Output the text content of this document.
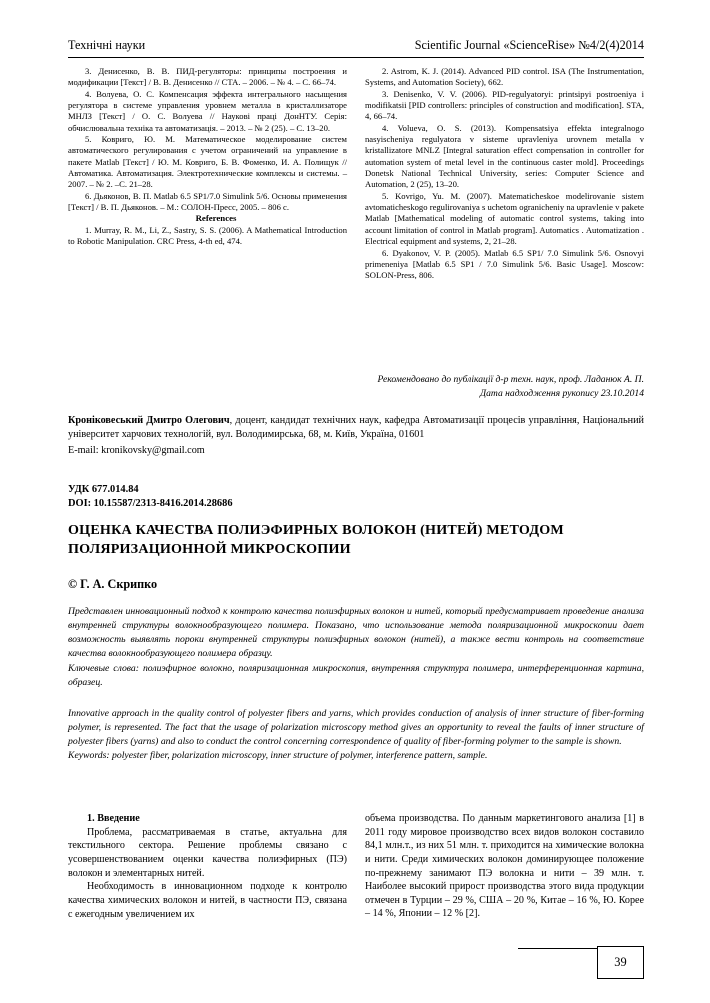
Технічні науки	Scientific Journal «ScienceRise» №4/2(4)2014

3. Денисенко, В. В. ПИД-регуляторы: принципы построения и модификации [Текст] / В. В. Денисенко // СТА. – 2006. – № 4. – С. 66–74.

4. Волуева, О. С. Компенсация эффекта интегрального насыщения регулятора в системе управления уровнем металла в кристаллизаторе МНЛЗ [Текст] / О. С. Волуева // Наукові праці ДонНТУ. Серія: обчислювальна техніка та автоматизація. – 2013. – № 2 (25). – С. 13–20.

5. Ковриго, Ю. М. Математическое моделирование систем автоматического регулирования с учетом ограничений на управление в пакете Matlab [Текст] / Ю. М. Ковриго, Б. В. Фоменко, И. А. Полищук // Автоматика. Автоматизация. Электротехнические комплексы и системы. – 2007. – № 2. –С. 21–28.

6. Дьяконов, В. П. Matlab 6.5 SP1/7.0 Simulink 5/6. Основы применения [Текст] / В. П. Дьяконов. – М.: СОЛОН-Пресс, 2005. – 806 с.

References

1. Murray, R. M., Li, Z., Sastry, S. S. (2006). A Mathematical Introduction to Robotic Manipulation. CRC Press, 4-th ed, 474.

2. Astrom, K. J. (2014). Advanced PID control. ISA (The Instrumentation, Systems, and Automation Society), 662.

3. Denisenko, V. V. (2006). PID-regulyatoryi: printsipyi postroeniya i modifikatsii [PID controllers: principles of construction and modification]. STA, 4, 66–74.

4. Volueva, O. S. (2013). Kompensatsiya effekta integralnogo nasyischeniya regulyatora v sisteme upravleniya urovnem metalla v kristallizatore MNLZ [Integral saturation effect compensation in controller for automation system of metal level in the continuous caster mold]. Proceedings Donetsk National Technical University, series: Computer Science and Automation, 2 (25), 13–20.

5. Kovrigo, Yu. M. (2007). Matematicheskoe modelirovanie sistem avtomaticheskogo regulirovaniya s uchetom ogranicheniy na upravlenie v pakete Matlab [Mathematical modeling of automatic control systems, taking into account limitation of control in Matlab program]. Automatics . Automatization . Electrical equipment and systems, 2, 21–28.

6. Dyakonov, V. P. (2005). Matlab 6.5 SP1/ 7.0 Simulink 5/6. Osnovyi primeneniya [Matlab 6.5 SP1 / 7.0 Simulink 5/6. Basic Usage]. Moscow: SOLON-Press, 806.

Рекомендовано до публікації д-р техн. наук, проф. Ладанюк А. П.
Дата надходження рукопису 23.10.2014
Кроніковеський Дмитро Олегович, доцент, кандидат технічних наук, кафедра Автоматизації процесів управління, Національний університет харчових технологій, вул. Володимирська, 68, м. Київ, Україна, 01601
E-mail: kronikovsky@gmail.com
УДК 677.014.84
DOI: 10.15587/2313-8416.2014.28686
ОЦЕНКА КАЧЕСТВА ПОЛИЭФИРНЫХ ВОЛОКОН (НИТЕЙ) МЕТОДОМ
ПОЛЯРИЗАЦИОННОЙ МИКРОСКОПИИ
© Г. А. Скрипко

Представлен инновационный подход к контролю качества полиэфирных волокон и нитей, который предусматривает проведение анализа внутренней структуры волокнообразующего полимера. Показано, что использование метода поляризационной микроскопии дает возможность выявлять пороки внутренней структуры полиэфирных волокон (нитей), а также вести контроль на соответствие качества волокнообразующего полимера образцу.

Ключевые слова: полиэфирное волокно, поляризационная микроскопия, внутренняя структура полимера, интерференционная картина, образец.

Innovative approach in the quality control of polyester fibers and yarns, which provides conduction of analysis of inner structure of fiber-forming polymer, is represented. The fact that the usage of polarization microscopy method gives an opportunity to reveal the faults of inner structure of polyester fibers (yarns) and also to conduct the control concerning correspondence of quality of fiber-forming polymer to the sample is shown.

Keywords: polyester fiber, polarization microscopy, inner structure of polymer, interference pattern, sample.

1. Введение

Проблема, рассматриваемая в статье, актуальна для текстильного сектора. Решение проблемы связано с усовершенствованием оценки качества полиэфирных (ПЭ) волокон и элементарных нитей.

Необходимость в инновационном подходе к контролю качества химических волокон и нитей, в частности ПЭ, связана с ежегодным увеличением их

объема производства. По данным маркетингового анализа [1] в 2011 году мировое производство всех видов волокон составило 84,1 млн.т., из них 51 млн. т. приходится на химические волокна и нити. Среди химических волокон доминирующее положение по-прежнему занимают ПЭ волокна и нити – 39 млн. т. Наиболее высокий прирост производства этого вида продукции отмечен в Турции – 29 %, США – 20 %, Китае – 16 %, Ю. Корее – 14 %, Японии – 12 % [2].

39
